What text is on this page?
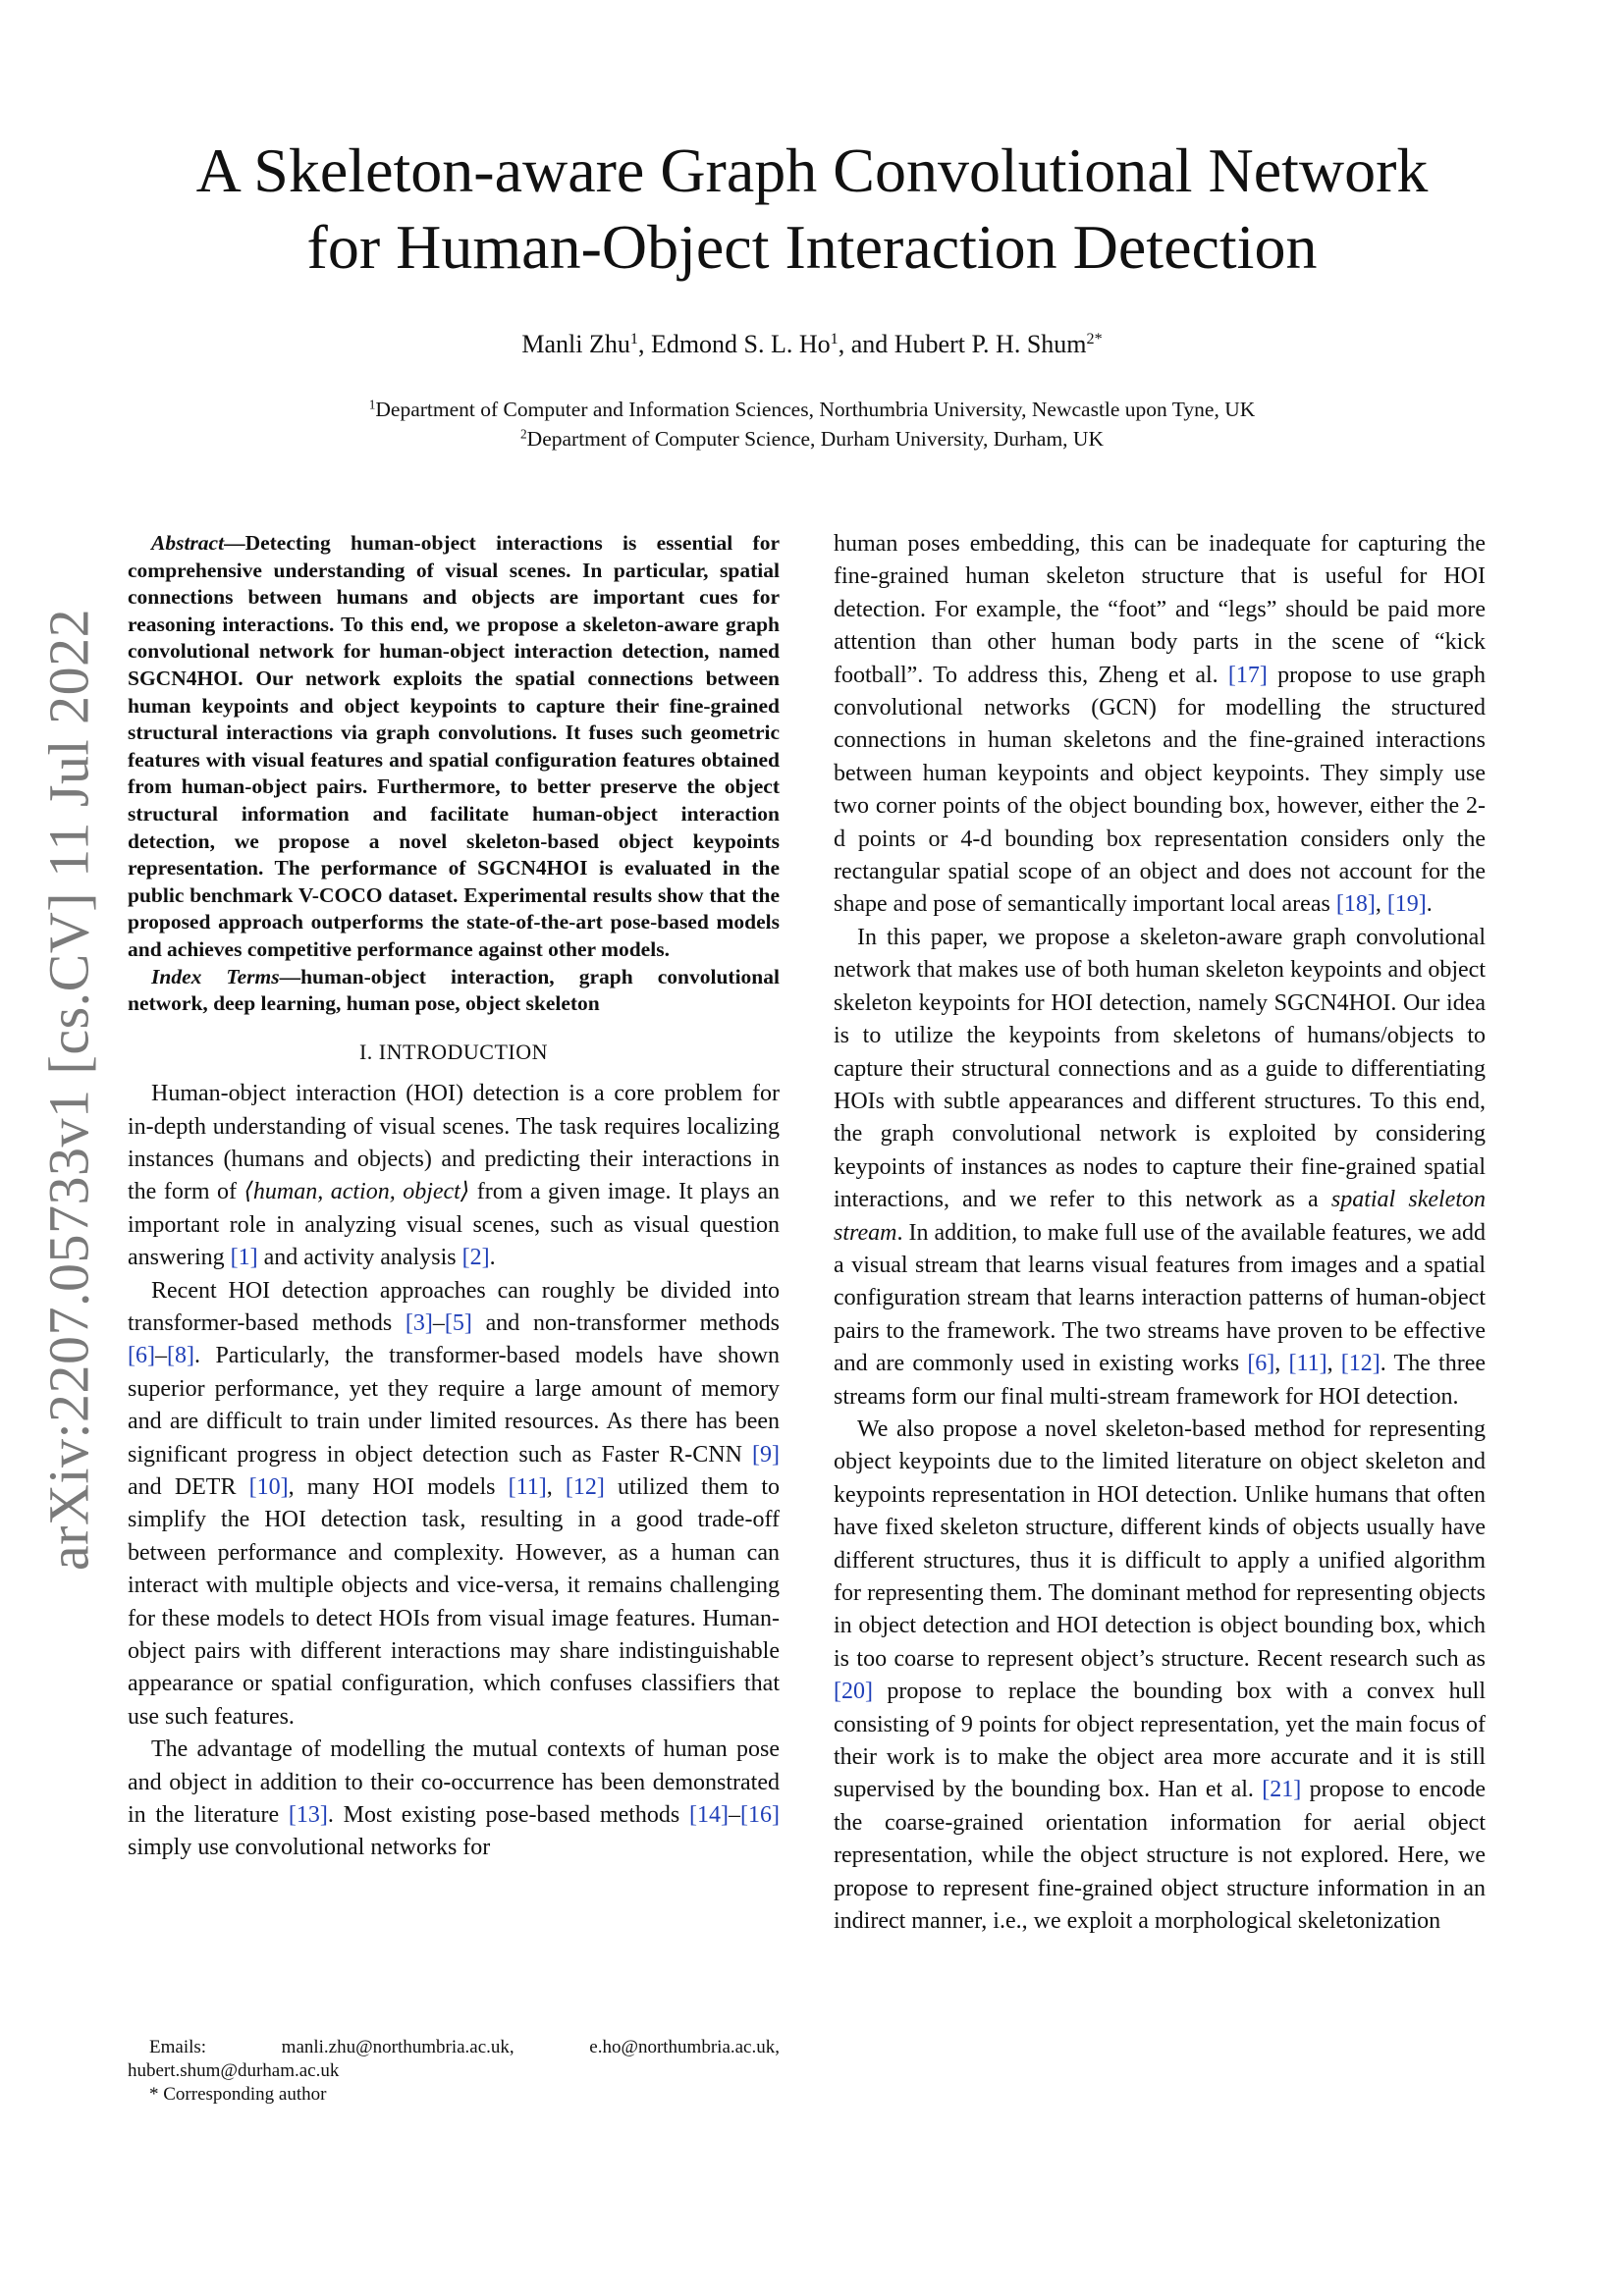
arXiv:2207.05733v1 [cs.CV] 11 Jul 2022
A Skeleton-aware Graph Convolutional Network
for Human-Object Interaction Detection
Manli Zhu$^1$, Edmond S. L. Ho$^1$, and Hubert P. H. Shum$^{2*}$
$^1$Department of Computer and Information Sciences, Northumbria University, Newcastle upon Tyne, UK
$^2$Department of Computer Science, Durham University, Durham, UK

Abstract—Detecting human-object interactions is essential for comprehensive understanding of visual scenes. In particular, spatial connections between humans and objects are important cues for reasoning interactions. To this end, we propose a skeleton-aware graph convolutional network for human-object interaction detection, named SGCN4HOI. Our network exploits the spatial connections between human keypoints and object keypoints to capture their fine-grained structural interactions via graph convolutions. It fuses such geometric features with visual features and spatial configuration features obtained from human-object pairs. Furthermore, to better preserve the object structural information and facilitate human-object interaction detection, we propose a novel skeleton-based object keypoints representation. The performance of SGCN4HOI is evaluated in the public benchmark V-COCO dataset. Experimental results show that the proposed approach outperforms the state-of-the-art pose-based models and achieves competitive performance against other models.

Index Terms—human-object interaction, graph convolutional network, deep learning, human pose, object skeleton

I. INTRODUCTION

Human-object interaction (HOI) detection is a core problem for in-depth understanding of visual scenes. The task requires localizing instances (humans and objects) and predicting their interactions in the form of ⟨human, action, object⟩ from a given image. It plays an important role in analyzing visual scenes, such as visual question answering [1] and activity analysis [2].

Recent HOI detection approaches can roughly be divided into transformer-based methods [3]–[5] and non-transformer methods [6]–[8]. Particularly, the transformer-based models have shown superior performance, yet they require a large amount of memory and are difficult to train under limited resources. As there has been significant progress in object detection such as Faster R-CNN [9] and DETR [10], many HOI models [11], [12] utilized them to simplify the HOI detection task, resulting in a good trade-off between performance and complexity. However, as a human can interact with multiple objects and vice-versa, it remains challenging for these models to detect HOIs from visual image features. Human-object pairs with different interactions may share indistinguishable appearance or spatial configuration, which confuses classifiers that use such features.

The advantage of modelling the mutual contexts of human pose and object in addition to their co-occurrence has been demonstrated in the literature [13]. Most existing pose-based methods [14]–[16] simply use convolutional networks for

Emails: manli.zhu@northumbria.ac.uk, e.ho@northumbria.ac.uk, hubert.shum@durham.ac.uk
* Corresponding author

human poses embedding, this can be inadequate for capturing the fine-grained human skeleton structure that is useful for HOI detection. For example, the “foot” and “legs” should be paid more attention than other human body parts in the scene of “kick football”. To address this, Zheng et al. [17] propose to use graph convolutional networks (GCN) for modelling the structured connections in human skeletons and the fine-grained interactions between human keypoints and object keypoints. They simply use two corner points of the object bounding box, however, either the 2-d points or 4-d bounding box representation considers only the rectangular spatial scope of an object and does not account for the shape and pose of semantically important local areas [18], [19].

In this paper, we propose a skeleton-aware graph convolutional network that makes use of both human skeleton keypoints and object skeleton keypoints for HOI detection, namely SGCN4HOI. Our idea is to utilize the keypoints from skeletons of humans/objects to capture their structural connections and as a guide to differentiating HOIs with subtle appearances and different structures. To this end, the graph convolutional network is exploited by considering keypoints of instances as nodes to capture their fine-grained spatial interactions, and we refer to this network as a spatial skeleton stream. In addition, to make full use of the available features, we add a visual stream that learns visual features from images and a spatial configuration stream that learns interaction patterns of human-object pairs to the framework. The two streams have proven to be effective and are commonly used in existing works [6], [11], [12]. The three streams form our final multi-stream framework for HOI detection.

We also propose a novel skeleton-based method for representing object keypoints due to the limited literature on object skeleton and keypoints representation in HOI detection. Unlike humans that often have fixed skeleton structure, different kinds of objects usually have different structures, thus it is difficult to apply a unified algorithm for representing them. The dominant method for representing objects in object detection and HOI detection is object bounding box, which is too coarse to represent object’s structure. Recent research such as [20] propose to replace the bounding box with a convex hull consisting of 9 points for object representation, yet the main focus of their work is to make the object area more accurate and it is still supervised by the bounding box. Han et al. [21] propose to encode the coarse-grained orientation information for aerial object representation, while the object structure is not explored. Here, we propose to represent fine-grained object structure information in an indirect manner, i.e., we exploit a morphological skeletonization
